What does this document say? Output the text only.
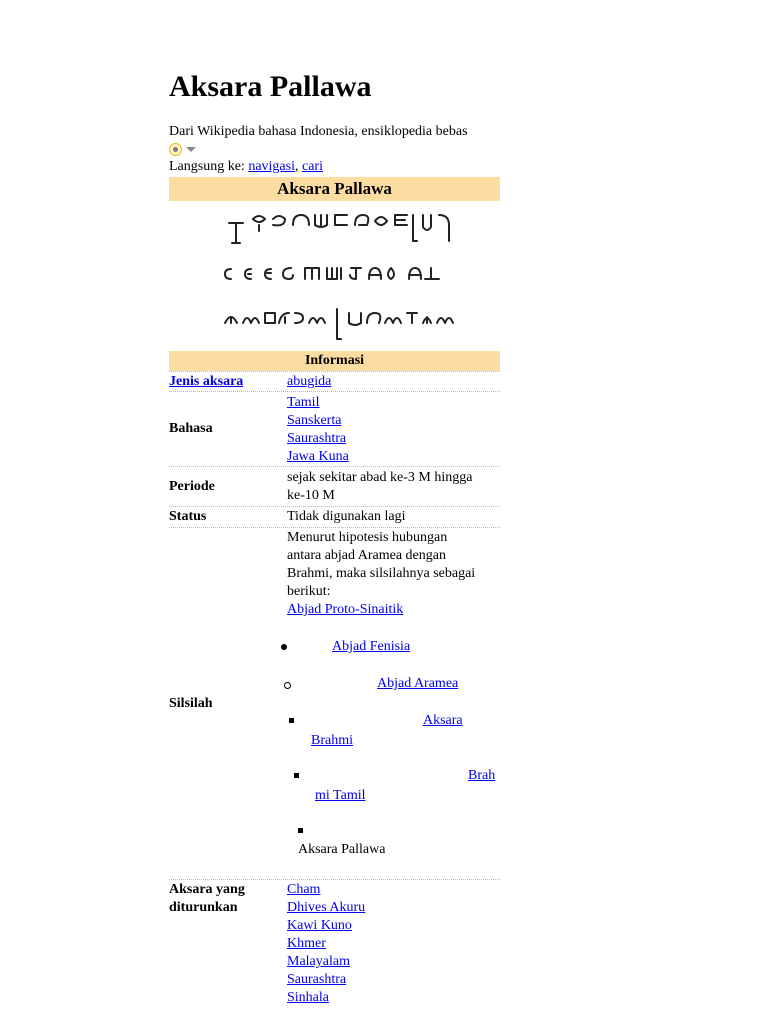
Aksara Pallawa
Dari Wikipedia bahasa Indonesia, ensiklopedia bebas
Langsung ke: navigasi, cari
Aksara Pallawa
Informasi
Jenis aksara	abugida
Bahasa
Tamil
Sanskerta
Saurashtra
Jawa Kuna
Periode
sejak sekitar abad ke-3 M hingga
ke-10 M
Status	Tidak digunakan lagi
Silsilah
Menurut hipotesis hubungan
antara abjad Aramea dengan
Brahmi, maka silsilahnya sebagai
berikut:
Abjad Proto-Sinaitik
Abjad Fenisia
Abjad Aramea
Aksara
Brahmi
Brah
mi Tamil
Aksara Pallawa
Aksara yang
diturunkan
Cham
Dhives Akuru
Kawi Kuno
Khmer
Malayalam
Saurashtra
Sinhala
